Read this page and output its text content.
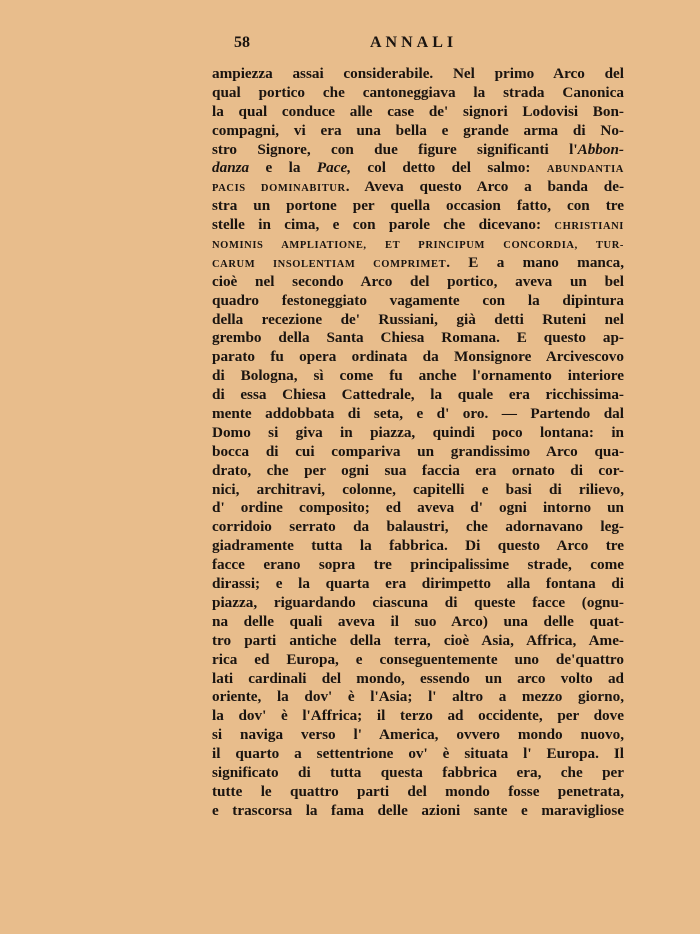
58	ANNALI
ampiezza assai considerabile. Nel primo Arco del
qual portico che cantoneggiava la strada Canonica
la qual conduce alle case de' signori Lodovisi Bon-
compagni, vi era una bella e grande arma di No-
stro Signore, con due figure significanti l'Abbon-
danza e la Pace, col detto del salmo: ABUNDANTIA
PACIS DOMINABITUR. Aveva questo Arco a banda de-
stra un portone per quella occasion fatto, con tre
stelle in cima, e con parole che dicevano: CHRISTIANI
NOMINIS AMPLIATIONE, ET PRINCIPUM CONCORDIA, TUR-
CARUM INSOLENTIAM COMPRIMET. E a mano manca,
cioè nel secondo Arco del portico, aveva un bel
quadro festoneggiato vagamente con la dipintura
della recezione de' Russiani, già detti Ruteni nel
grembo della Santa Chiesa Romana. E questo ap-
parato fu opera ordinata da Monsignore Arcivescovo
di Bologna, sì come fu anche l'ornamento interiore
di essa Chiesa Cattedrale, la quale era ricchissima-
mente addobbata di seta, e d' oro. — Partendo dal
Domo si giva in piazza, quindi poco lontana: in
bocca di cui compariva un grandissimo Arco qua-
drato, che per ogni sua faccia era ornato di cor-
nici, architravi, colonne, capitelli e basi di rilievo,
d' ordine composito; ed aveva d' ogni intorno un
corridoio serrato da balaustri, che adornavano leg-
giadramente tutta la fabbrica. Di questo Arco tre
facce erano sopra tre principalissime strade, come
dirassi; e la quarta era dirimpetto alla fontana di
piazza, riguardando ciascuna di queste facce (ognu-
na delle quali aveva il suo Arco) una delle quat-
tro parti antiche della terra, cioè Asia, Affrica, Ame-
rica ed Europa, e conseguentemente uno de'quattro
lati cardinali del mondo, essendo un arco volto ad
oriente, la dov' è l'Asia; l' altro a mezzo giorno,
la dov' è l'Affrica; il terzo ad occidente, per dove
si naviga verso l' America, ovvero mondo nuovo,
il quarto a settentrione ov' è situata l' Europa. Il
significato di tutta questa fabbrica era, che per
tutte le quattro parti del mondo fosse penetrata,
e trascorsa la fama delle azioni sante e maravigliose
